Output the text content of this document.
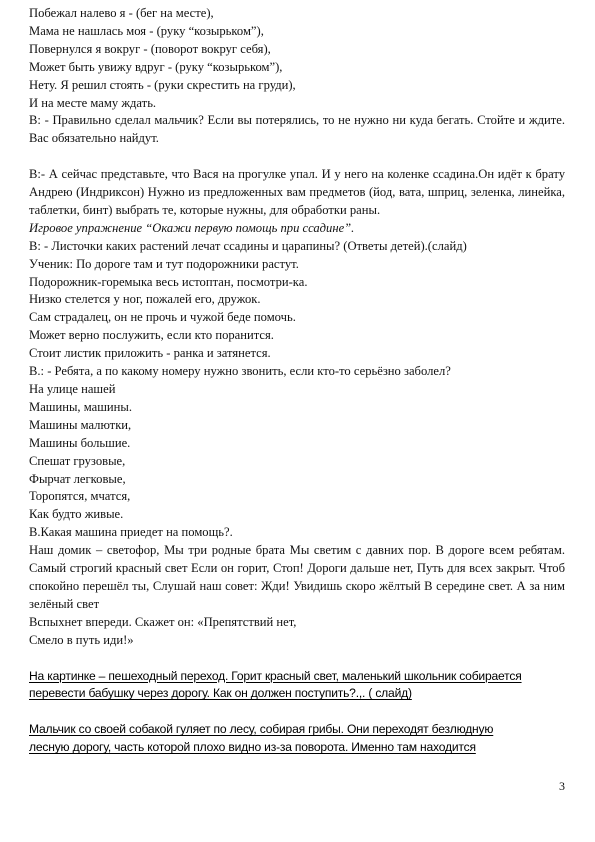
Побежал налево я - (бег на месте),
Мама не нашлась моя - (руку “козырьком”),
Повернулся я вокруг - (поворот вокруг себя),
Может быть увижу вдруг - (руку “козырьком”),
Нету. Я решил стоять - (руки скрестить на груди),
И на месте маму ждать.
В: - Правильно сделал мальчик? Если вы потерялись, то не нужно ни куда бегать. Стойте и ждите. Вас обязательно найдут.
В:- А сейчас представьте, что Вася на прогулке упал. И у него на коленке ссадина.Он идёт к брату Андрею (Индриксон) Нужно из предложенных вам предметов (йод, вата, шприц, зеленка, линейка, таблетки, бинт) выбрать те, которые нужны, для обработки раны.
Игровое упражнение “Окажи первую помощь при ссадине”.
В: - Листочки каких растений лечат ссадины и царапины? (Ответы детей).(слайд)
Ученик: По дороге там и тут подорожники растут.
Подорожник-горемыка весь истоптан, посмотри-ка.
Низко стелется у ног, пожалей его, дружок.
Сам страдалец, он не прочь и чужой беде помочь.
Может верно послужить, если кто поранится.
Стоит листик приложить - ранка и затянется.
В.: - Ребята, а по какому номеру нужно звонить, если кто-то серьёзно заболел?
На улице нашей
Машины, машины.
Машины малютки,
Машины большие.
Спешат грузовые,
Фырчат легковые,
Торопятся, мчатся,
Как будто живые.
В.Какая машина приедет на помощь?.
Наш домик – светофор, Мы три родные брата Мы светим с давних пор. В дороге всем ребятам. Самый строгий красный свет Если он горит, Стоп! Дороги дальше нет, Путь для всех закрыт. Чтоб спокойно перешёл ты, Слушай наш совет: Жди! Увидишь скоро жёлтый В середине свет. А за ним зелёный свет
Вспыхнет впереди. Скажет он: «Препятствий нет,
Смело в путь иди!»
На картинке – пешеходный переход. Горит красный свет, маленький школьник собирается
перевести бабушку через дорогу. Как он должен поступить?.,. ( слайд)
Мальчик со своей собакой гуляет по лесу, собирая грибы. Они переходят безлюдную
лесную дорогу, часть которой плохо видно из-за поворота. Именно там находится
3
